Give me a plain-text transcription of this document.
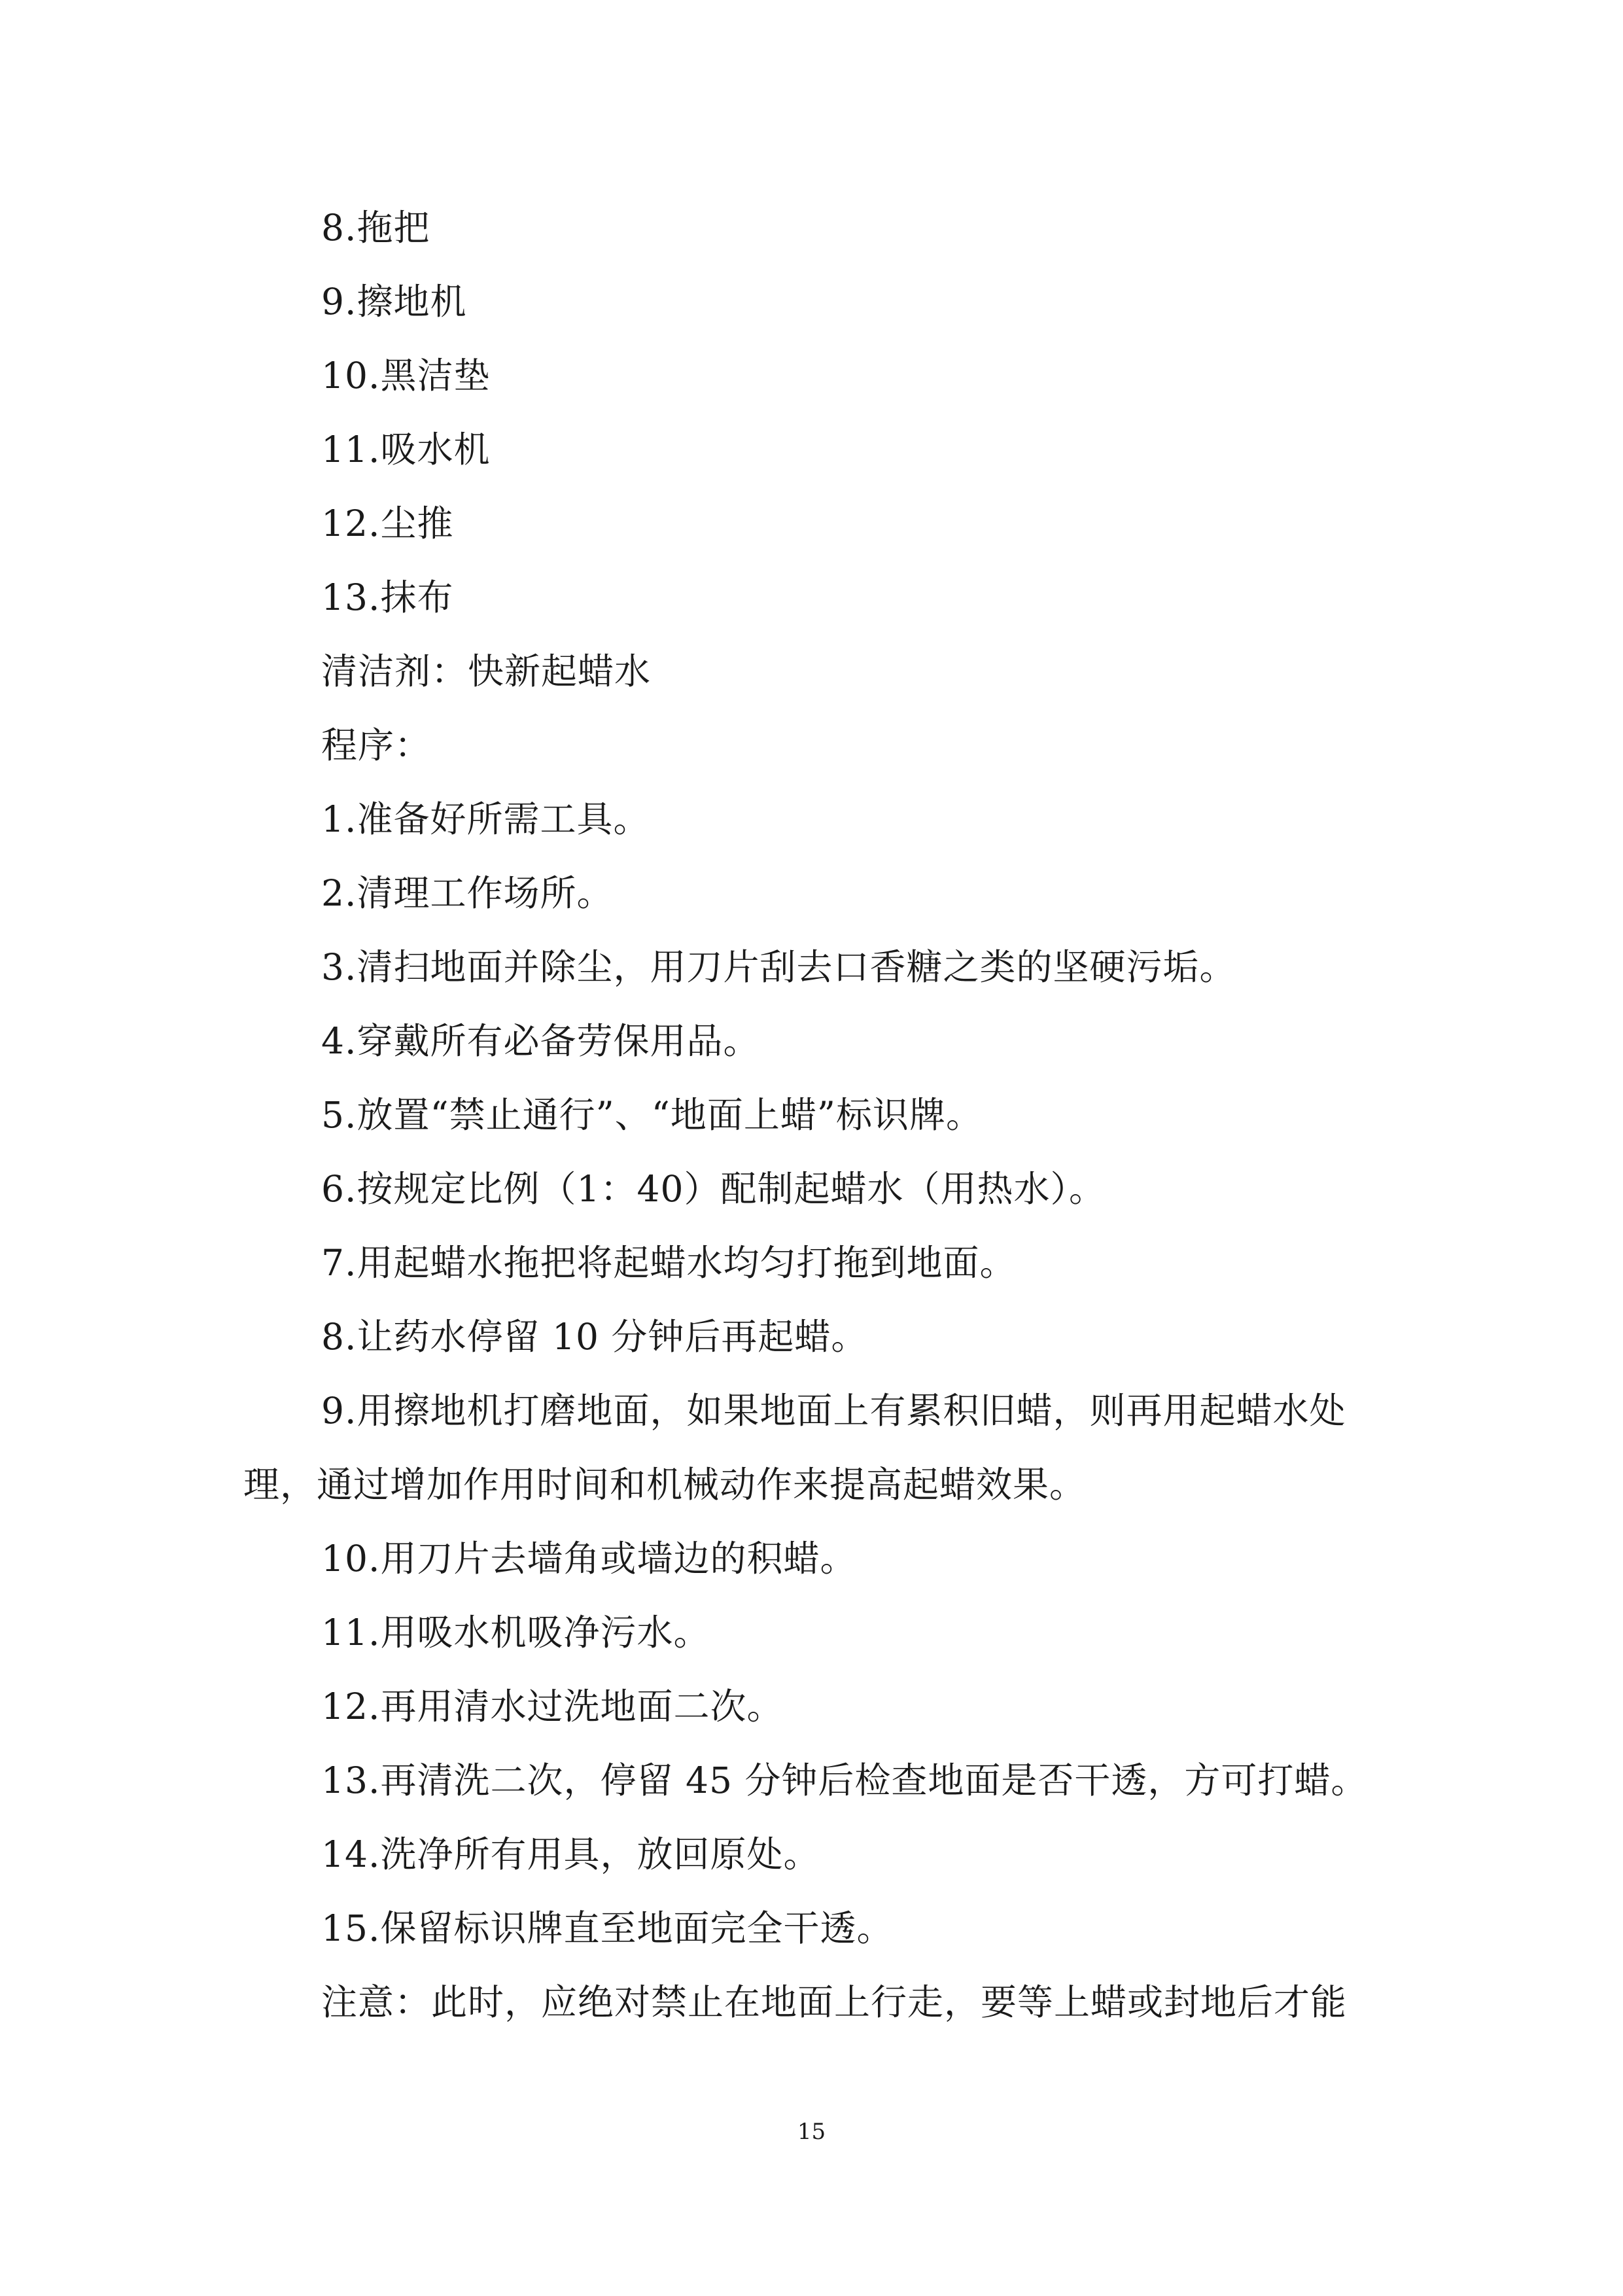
8.拖把
9.擦地机
10.黑洁垫
11.吸水机
12.尘推
13.抹布
清洁剂：快新起蜡水
程序：
1.准备好所需工具。
2.清理工作场所。
3.清扫地面并除尘，用刀片刮去口香糖之类的坚硬污垢。
4.穿戴所有必备劳保用品。
5.放置“禁止通行”、“地面上蜡”标识牌。
6.按规定比例（1：40）配制起蜡水（用热水）。
7.用起蜡水拖把将起蜡水均匀打拖到地面。
8.让药水停留 10 分钟后再起蜡。
9.用擦地机打磨地面，如果地面上有累积旧蜡，则再用起蜡水处
理，通过增加作用时间和机械动作来提高起蜡效果。
10.用刀片去墙角或墙边的积蜡。
11.用吸水机吸净污水。
12.再用清水过洗地面二次。
13.再清洗二次，停留 45 分钟后检查地面是否干透，方可打蜡。
14.洗净所有用具，放回原处。
15.保留标识牌直至地面完全干透。
注意：此时，应绝对禁止在地面上行走，要等上蜡或封地后才能
15
